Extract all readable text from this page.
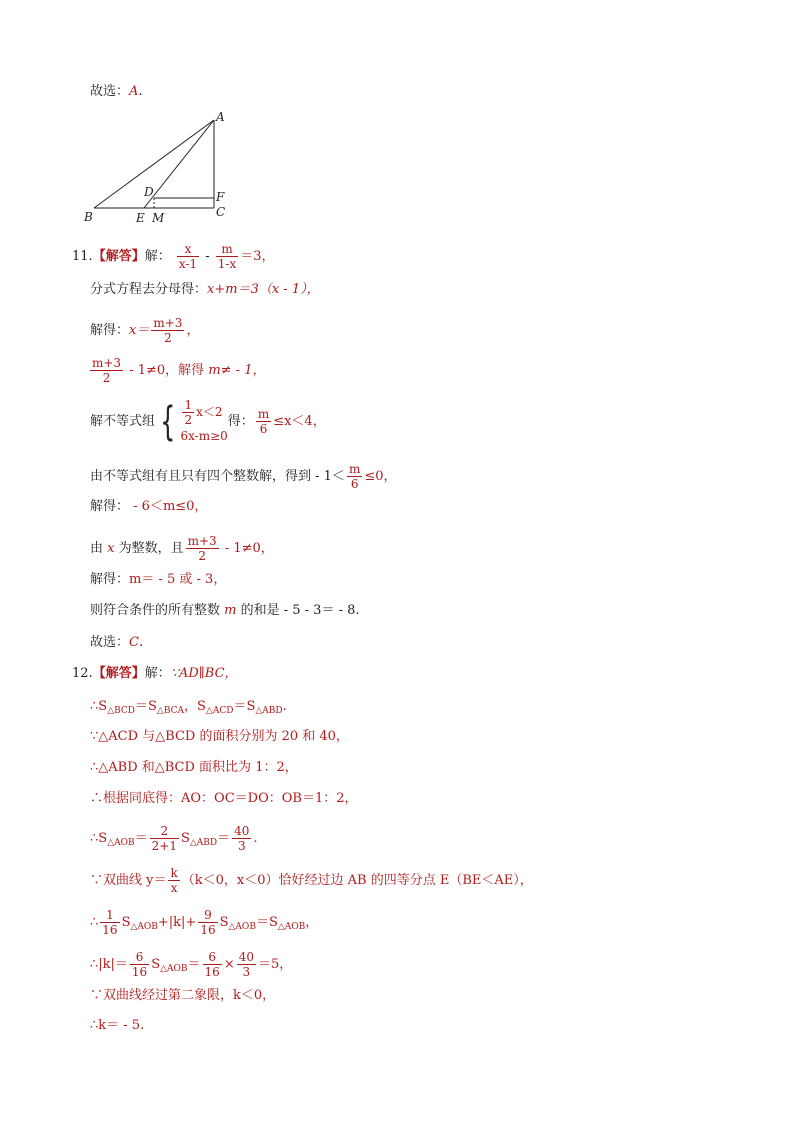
故选：A.
A
B	C
D
E
F
M
11.【解答】解： $\frac{x}{x-1} - \frac{m}{1-x} =3$，
分式方程去分母得：x+m＝3（x - 1），
解得：$x= \frac{m+3}{2}$ ，
$\frac{m+3}{2} - 1\ne 0$，解得 m≠ - 1，
解不等式组 { $\frac{1}{2} x<2$
6x-m≥0
得： $\frac{m}{6} \le x<4$，
由不等式组有且只有四个整数解，得到 - $1< \frac{m}{6} \le 0$，
解得： - 6＜m≤0，
由 x 为整数，且 $\frac{m+3}{2} - 1\ne 0$，
解得：m＝ - 5 或 - 3，
则符合条件的所有整数 m 的和是 - 5 - 3＝ - 8.
故选：C.
12.【解答】解：∵AD∥BC，
$\therefore S_{\triangle BCD}=S_{\triangle BCA}$，$S_{\triangle ACD}=S_{\triangle ABD}$.
∵△ACD 与△BCD 的面积分别为 20 和 40，
∴△ABD 和△BCD 面积比为 1：2，
∴根据同底得：AO：OC＝DO：OB＝1：2，
$\therefore S_{\triangle AOB}= \frac{2}{2+1} S_{\triangle ABD}= \frac{40}{3}$ .
∵双曲线 $y= \frac{k}{x} (k<0$，x＜0）恰好经过边 AB 的四等分点 E（BE＜AE），
∴ $\frac{1}{16} S_{\triangle AOB}+|k|+ \frac{9}{16} S_{\triangle AOB}=S_{\triangle AOB}$，
∴|k|＝ $\frac{6}{16} S_{\triangle AOB}= \frac{6}{16} \times \frac{40}{3} =5$，
∵双曲线经过第二象限，k＜0，
∴k＝ - 5.
